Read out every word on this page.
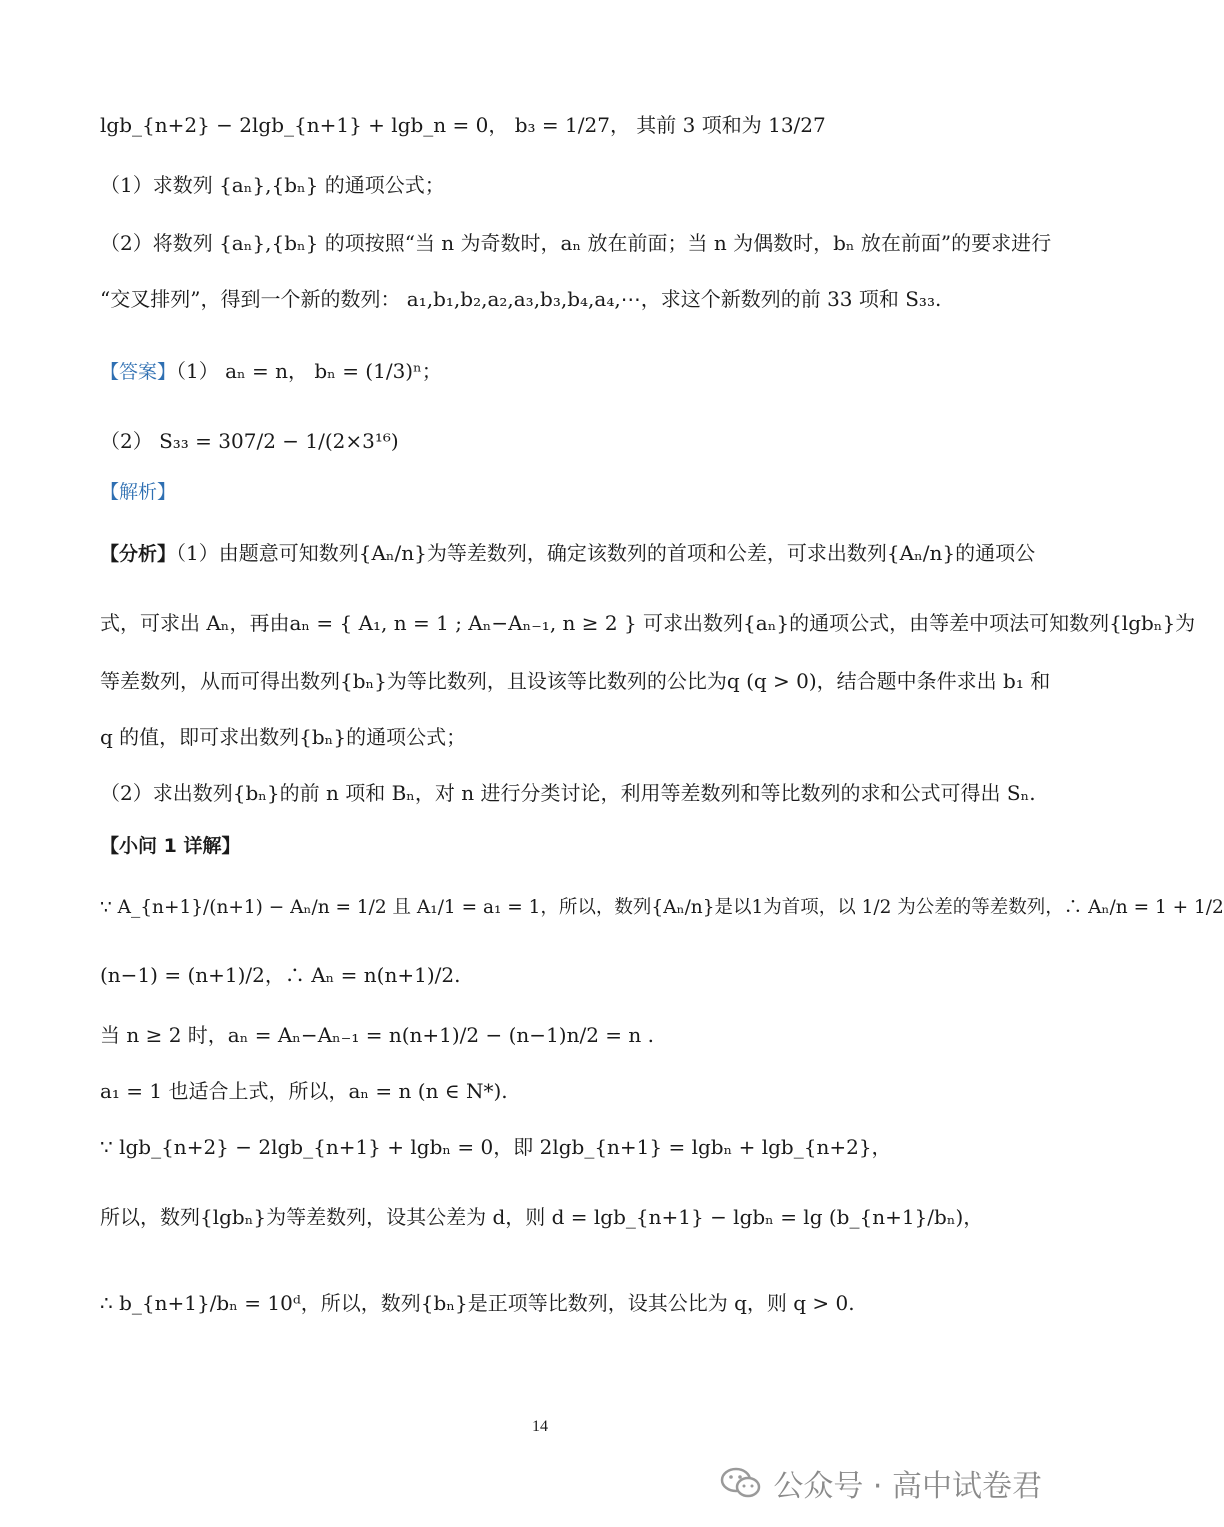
lgb_{n+2} − 2lgb_{n+1} + lgb_n = 0， b₃ = 1/27， 其前 3 项和为 13/27
（1）求数列 {aₙ},{bₙ} 的通项公式；
（2）将数列 {aₙ},{bₙ} 的项按照“当 n 为奇数时，aₙ 放在前面；当 n 为偶数时，bₙ 放在前面”的要求进行
“交叉排列”，得到一个新的数列： a₁,b₁,b₂,a₂,a₃,b₃,b₄,a₄,⋯，求这个新数列的前 33 项和 S₃₃.
【答案】（1） aₙ = n， bₙ = (1/3)ⁿ；
（2） S₃₃ = 307/2 − 1/(2×3¹⁶)
【解析】
【分析】（1）由题意可知数列{Aₙ/n}为等差数列，确定该数列的首项和公差，可求出数列{Aₙ/n}的通项公
式，可求出 Aₙ，再由aₙ = { A₁, n = 1 ; Aₙ−Aₙ₋₁, n ≥ 2 } 可求出数列{aₙ}的通项公式，由等差中项法可知数列{lgbₙ}为
等差数列，从而可得出数列{bₙ}为等比数列，且设该等比数列的公比为q (q > 0)，结合题中条件求出 b₁ 和
q 的值，即可求出数列{bₙ}的通项公式；
（2）求出数列{bₙ}的前 n 项和 Bₙ，对 n 进行分类讨论，利用等差数列和等比数列的求和公式可得出 Sₙ.
【小问 1 详解】
∵ A_{n+1}/(n+1) − Aₙ/n = 1/2 且 A₁/1 = a₁ = 1，所以，数列{Aₙ/n}是以1为首项，以 1/2 为公差的等差数列，∴ Aₙ/n = 1 + 1/2
(n−1) = (n+1)/2，∴ Aₙ = n(n+1)/2.
当 n ≥ 2 时，aₙ = Aₙ−Aₙ₋₁ = n(n+1)/2 − (n−1)n/2 = n .
a₁ = 1 也适合上式，所以，aₙ = n (n ∈ N*).
∵ lgb_{n+2} − 2lgb_{n+1} + lgbₙ = 0，即 2lgb_{n+1} = lgbₙ + lgb_{n+2}，
所以，数列{lgbₙ}为等差数列，设其公差为 d，则 d = lgb_{n+1} − lgbₙ = lg (b_{n+1}/bₙ)，
∴ b_{n+1}/bₙ = 10ᵈ，所以，数列{bₙ}是正项等比数列，设其公比为 q，则 q > 0.
14
公众号 · 高中试卷君
